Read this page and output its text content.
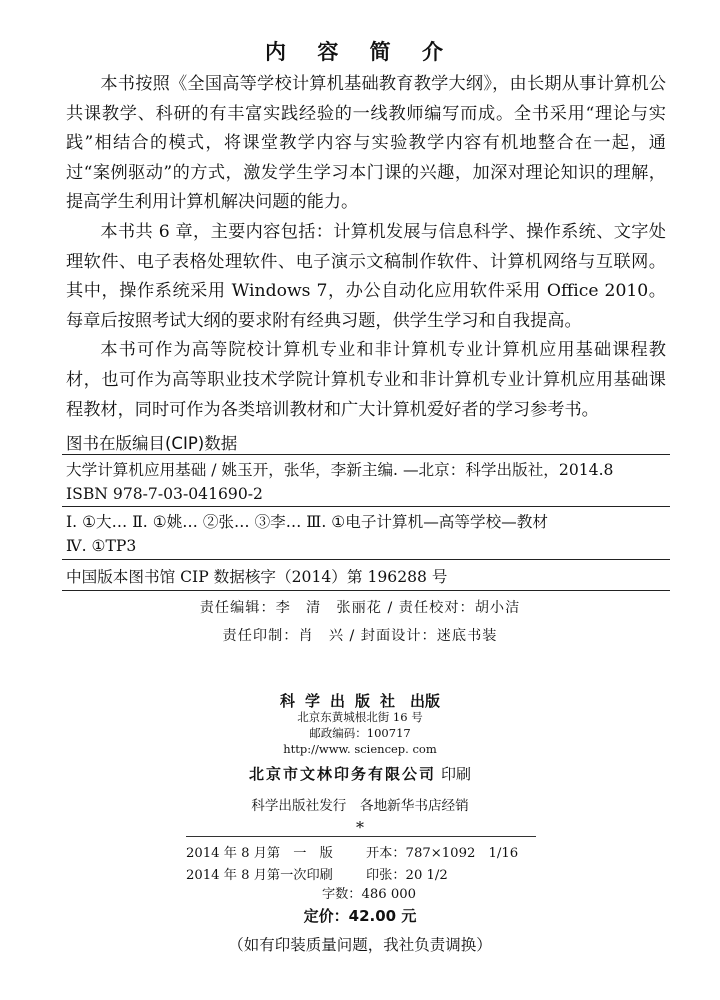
内 容 简 介

本书按照《全国高等学校计算机基础教育教学大纲》，由长期从事计算机公共课教学、科研的有丰富实践经验的一线教师编写而成。全书采用“理论与实践”相结合的模式，将课堂教学内容与实验教学内容有机地整合在一起，通过“案例驱动”的方式，激发学生学习本门课的兴趣，加深对理论知识的理解，提高学生利用计算机解决问题的能力。

本书共 6 章，主要内容包括：计算机发展与信息科学、操作系统、文字处理软件、电子表格处理软件、电子演示文稿制作软件、计算机网络与互联网。其中，操作系统采用 Windows 7，办公自动化应用软件采用 Office 2010。每章后按照考试大纲的要求附有经典习题，供学生学习和自我提高。

本书可作为高等院校计算机专业和非计算机专业计算机应用基础课程教材，也可作为高等职业技术学院计算机专业和非计算机专业计算机应用基础课程教材，同时可作为各类培训教材和广大计算机爱好者的学习参考书。

图书在版编目(CIP)数据
大学计算机应用基础 / 姚玉开，张华，李新主编. —北京：科学出版社，2014.8
ISBN 978-7-03-041690-2
Ⅰ. ①大… Ⅱ. ①姚… ②张… ③李… Ⅲ. ①电子计算机—高等学校—教材
Ⅳ. ①TP3
中国版本图书馆 CIP 数据核字（2014）第 196288 号
责任编辑：李　清　张丽花 / 责任校对：胡小洁
责任印制：肖　兴 / 封面设计：迷底书装
科学出版社 出版
北京东黄城根北街 16 号
邮政编码：100717
http://www. sciencep. com
北京市文林印务有限公司 印刷
科学出版社发行　各地新华书店经销
*
2014 年 8 月第　一　版	开本：787×1092　1/16
2014 年 8 月第一次印刷	印张：20 1/2
字数：486 000
定价：42.00 元
（如有印装质量问题，我社负责调换）
